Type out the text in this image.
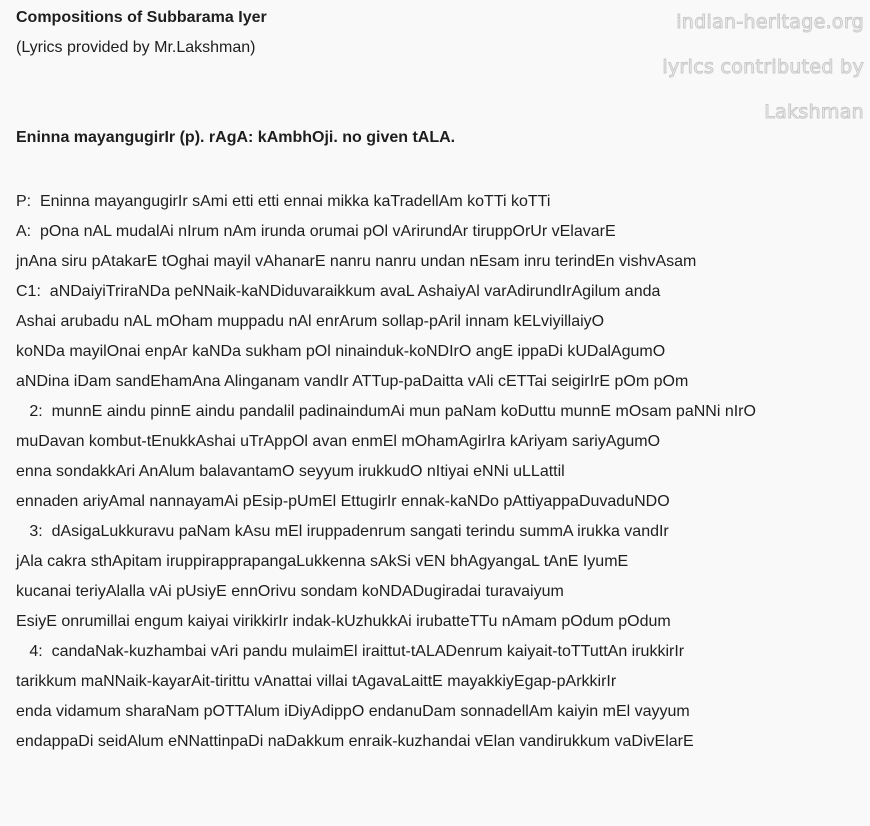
indian-heritage.org
lyrics contributed by
Lakshman
Compositions of Subbarama Iyer
(Lyrics provided by Mr.Lakshman)
Eninna mayangugirIr (p). rAgA: kAmbhOji. no given tALA.
P:  Eninna mayangugirIr sAmi etti etti ennai mikka kaTradellAm koTTi koTTi
A:  pOna nAL mudalAi nIrum nAm irunda orumai pOl vArirundAr tiruppOrUr vElavarE
jnAna siru pAtakarE tOghai mayil vAhanarE nanru nanru undan nEsam inru terindEn vishvAsam
C1:  aNDaiyiTriraNDa peNNaik-kaNDiduvaraikkum avaL AshaiyAl varAdirundIrAgilum anda
Ashai arubadu nAL mOham muppadu nAl enrArum sollap-pAril innam kELviyillaiyO
koNDa mayilOnai enpAr kaNDa sukham pOl ninainduk-koNDIrO angE ippaDi kUDalAgumO
aNDina iDam sandEhamAna Alinganam vandIr ATTup-paDaitta vAli cETTai seigirIrE pOm pOm
2:  munnE aindu pinnE aindu pandalil padinaindumAi mun paNam koDuttu munnE mOsam paNNi nIrO
muDavan kombut-tEnukkAshai uTrAppOl avan enmEl mOhamAgirIra kAriyam sariyAgumO
enna sondakkAri AnAlum balavantamO seyyum irukkudO nItiyai eNNi uLLattil
ennaden ariyAmal nannayamAi pEsip-pUmEl EttugirIr ennak-kaNDo pAttiyappaDuvaduNDO
3:  dAsigaLukkuravu paNam kAsu mEl iruppadenrum sangati terindu summA irukka vandIr
jAla cakra sthApitam iruppirapprapangaLukkenna sAkSi vEN bhAgyangaL tAnE IyumE
kucanai teriyAlalla vAi pUsiyE ennOrivu sondam koNDADugiradai turavaiyum
EsiyE onrumillai engum kaiyai virikkirIr indak-kUzhukkAi irubatteTTu nAmam pOdum pOdum
4:  candaNak-kuzhambai vAri pandu mulaimEl iraittut-tALADenrum kaiyait-toTTuttAn irukkirIr
tarikkum maNNaik-kayarAit-tirittu vAnattai villai tAgavaLaittE mayakkiyEgap-pArkkirIr
enda vidamum sharaNam pOTTAlum iDiyAdippO endanuDam sonnadellAm kaiyin mEl vayyum
endappaDi seidAlum eNNattinpaDi naDakkum enraik-kuzhandai vElan vandirukkum vaDivElarE
